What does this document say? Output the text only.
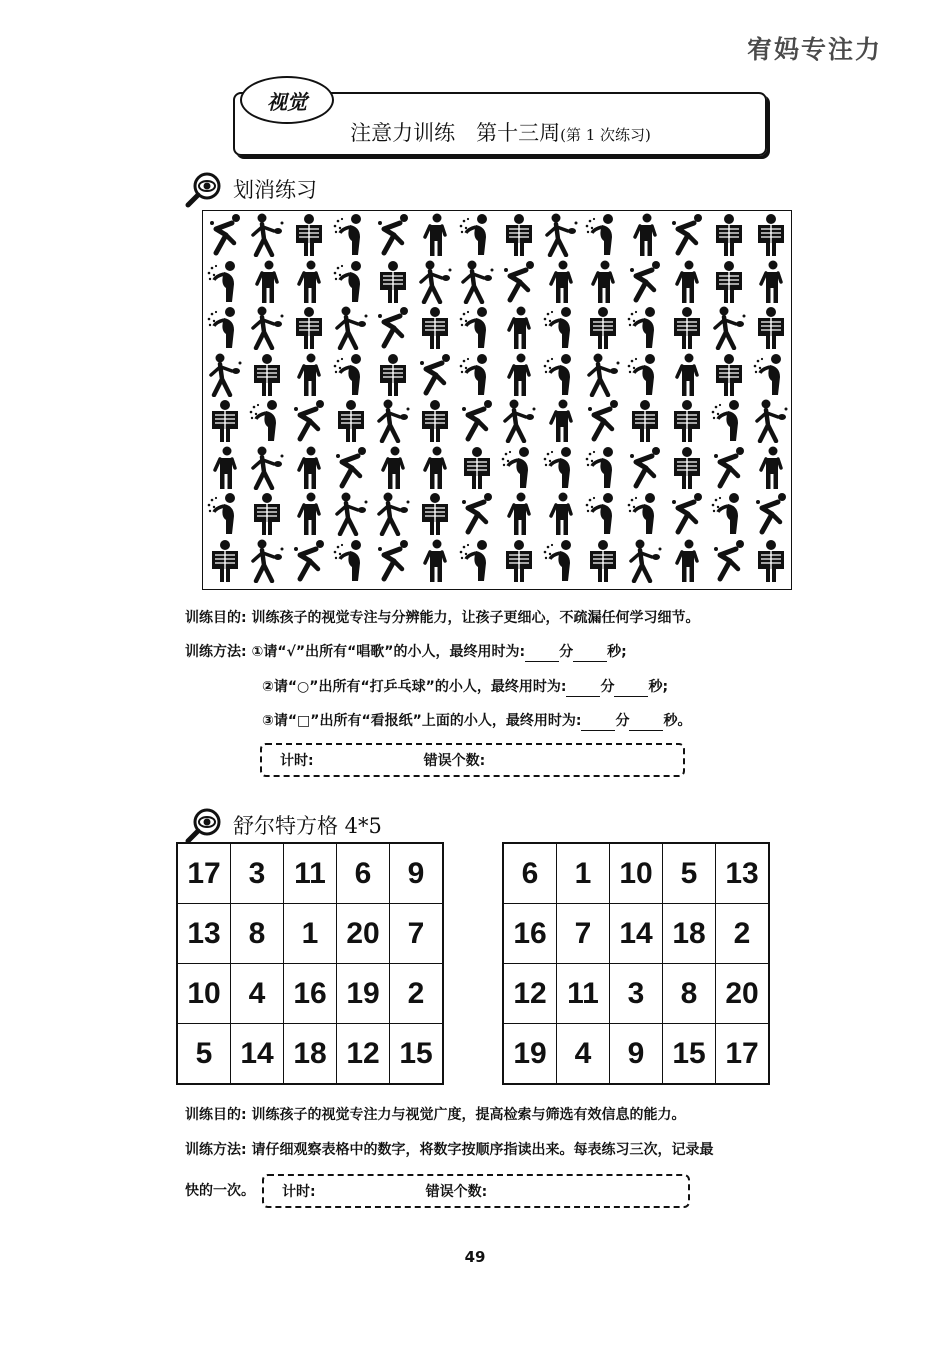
宥妈专注力
视觉
注意力训练　第十三周(第 1 次练习)
划消练习
训练目的: 训练孩子的视觉专注与分辨能力，让孩子更细心，不疏漏任何学习细节。
训练方法: ①请“√”出所有“唱歌”的小人，最终用时为: 分 秒;
②请“○”出所有“打乒乓球”的小人，最终用时为: 分 秒;
③请“□”出所有“看报纸”上面的小人，最终用时为: 分 秒。
计时:	错误个数:
舒尔特方格 4*5
17	3	11	6	9
13	8	1	20	7
10	4	16	19	2
5	14	18	12	15
6	1	10	5	13
16	7	14	18	2
12	11	3	8	20
19	4	9	15	17
训练目的: 训练孩子的视觉专注力与视觉广度，提高检索与筛选有效信息的能力。
训练方法: 请仔细观察表格中的数字，将数字按顺序指读出来。每表练习三次，记录最
快的一次。 计时:	错误个数:
49
